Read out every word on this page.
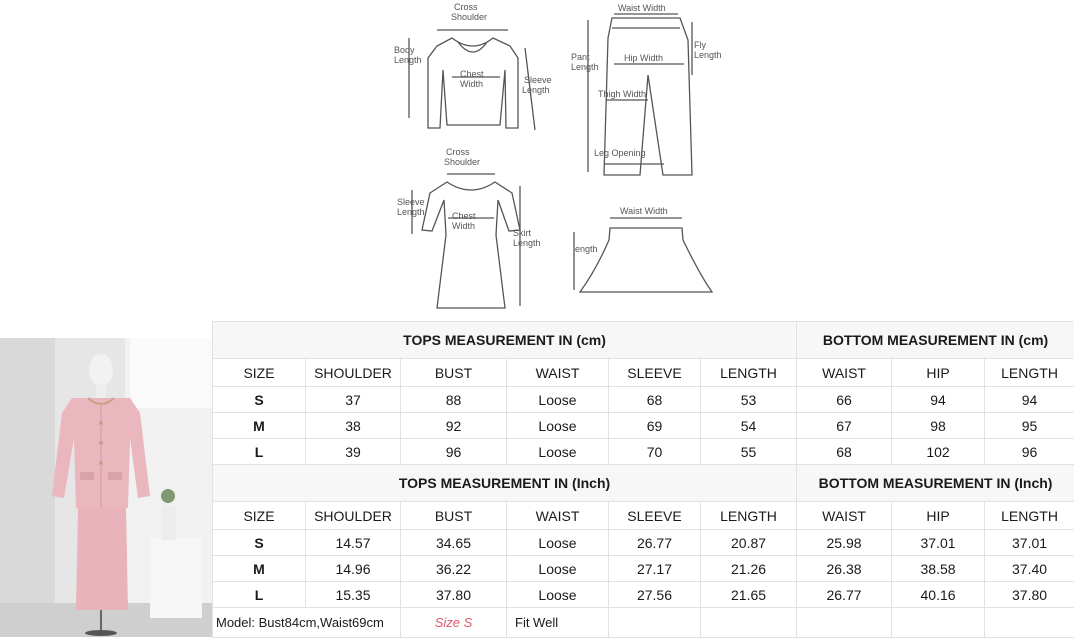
Cross
Shoulder
Body
Length
Chest
Width	Sleeve
Length
Waist Width
Pant
Length
Fly
Length
Hip Width
Thigh Width
Leg Opening
Cross
Shoulder
Sleeve
Length	Chest
Width
Skirt
Length
Waist Width
length
TOPS MEASUREMENT IN (cm)						BOTTOM MEASUREMENT IN (cm)		
SIZE	SHOULDER	BUST	WAIST	SLEEVE	LENGTH	WAIST	HIP	LENGTH
S	37	88	Loose	68	53	66	94	94
M	38	92	Loose	69	54	67	98	95
L	39	96	Loose	70	55	68	102	96
TOPS MEASUREMENT IN (Inch)						BOTTOM MEASUREMENT IN (Inch)		
SIZE	SHOULDER	BUST	WAIST	SLEEVE	LENGTH	WAIST	HIP	LENGTH
S	14.57	34.65	Loose	26.77	20.87	25.98	37.01	37.01
M	14.96	36.22	Loose	27.17	21.26	26.38	38.58	37.40
L	15.35	37.80	Loose	27.56	21.65	26.77	40.16	37.80
Model: Bust84cm,Waist69cm		Size S	Fit Well					
